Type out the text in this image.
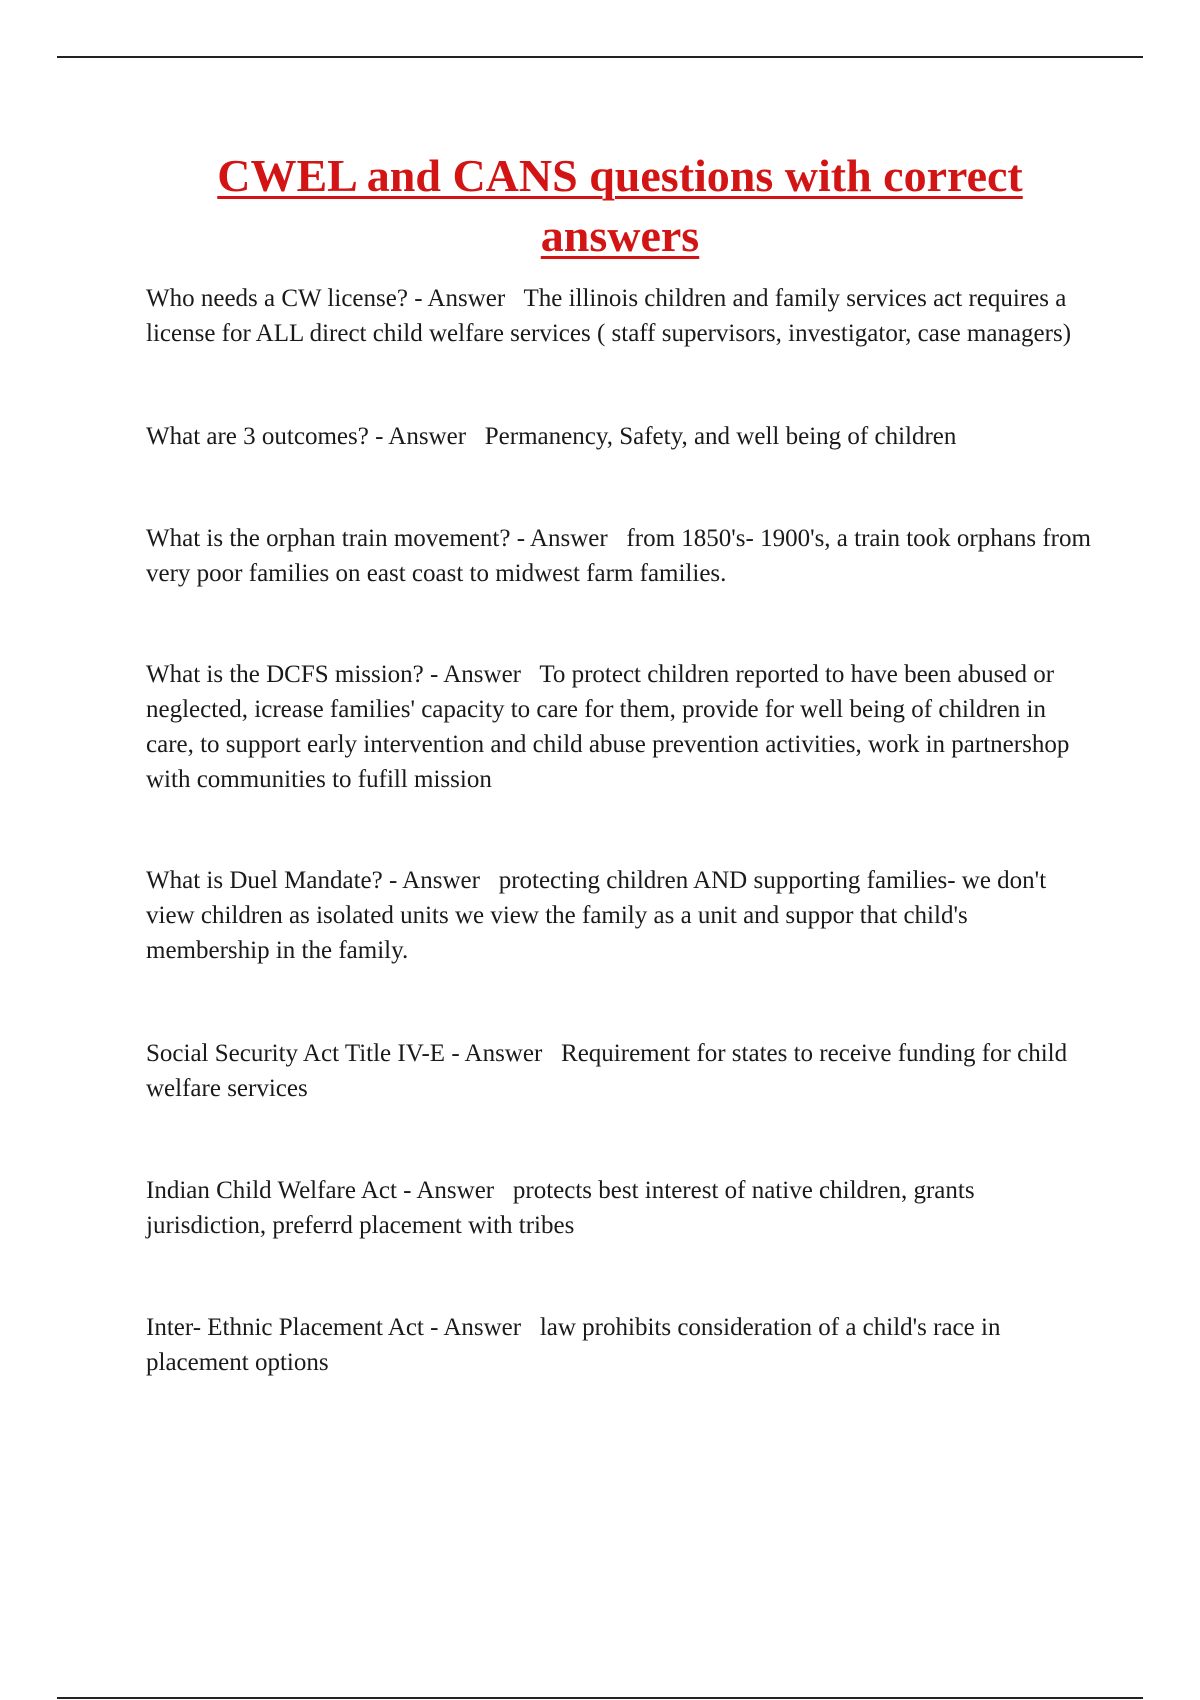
CWEL and CANS questions with correct answers

Who needs a CW license? - Answer The illinois children and family services act requires a license for ALL direct child welfare services ( staff supervisors, investigator, case managers)

What are 3 outcomes? - Answer Permanency, Safety, and well being of children

What is the orphan train movement? - Answer from 1850's- 1900's, a train took orphans from very poor families on east coast to midwest farm families.

What is the DCFS mission? - Answer To protect children reported to have been abused or neglected, icrease families' capacity to care for them, provide for well being of children in care, to support early intervention and child abuse prevention activities, work in partnershop with communities to fufill mission

What is Duel Mandate? - Answer protecting children AND supporting families- we don't view children as isolated units we view the family as a unit and suppor that child's membership in the family.

Social Security Act Title IV-E - Answer Requirement for states to receive funding for child welfare services

Indian Child Welfare Act - Answer protects best interest of native children, grants jurisdiction, preferrd placement with tribes

Inter- Ethnic Placement Act - Answer law prohibits consideration of a child's race in placement options
